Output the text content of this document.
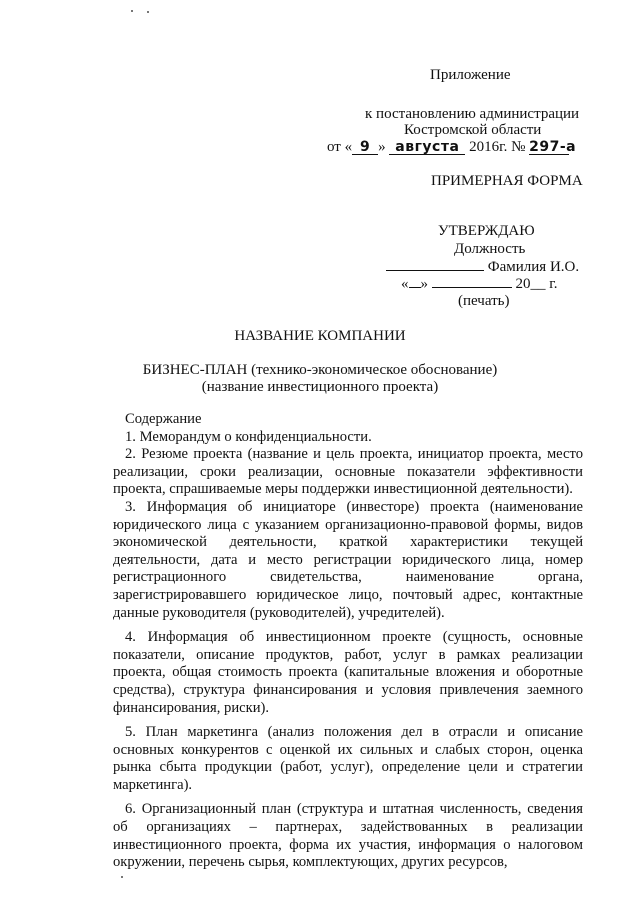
Приложение
к постановлению администрации
Костромской области
от « 9 » августа 2016г. № 297-а
ПРИМЕРНАЯ ФОРМА
УТВЕРЖДАЮ
Должность
Фамилия И.О.
« »	20__ г.
(печать)
НАЗВАНИЕ КОМПАНИИ
БИЗНЕС-ПЛАН (технико-экономическое обоснование)
(название инвестиционного проекта)

Содержание

1. Меморандум о конфиденциальности.

2. Резюме проекта (название и цель проекта, инициатор проекта, место реализации, сроки реализации, основные показатели эффективности проекта, спрашиваемые меры поддержки инвестиционной деятельности).

3. Информация об инициаторе (инвесторе) проекта (наименование юридического лица с указанием организационно-правовой формы, видов экономической деятельности, краткой характеристики текущей деятельности, дата и место регистрации юридического лица, номер регистрационного свидетельства, наименование органа, зарегистрировавшего юридическое лицо, почтовый адрес, контактные данные руководителя (руководителей), учредителей).

4. Информация об инвестиционном проекте (сущность, основные показатели, описание продуктов, работ, услуг в рамках реализации проекта, общая стоимость проекта (капитальные вложения и оборотные средства), структура финансирования и условия привлечения заемного финансирования, риски).

5. План маркетинга (анализ положения дел в отрасли и описание основных конкурентов с оценкой их сильных и слабых сторон, оценка рынка сбыта продукции (работ, услуг), определение цели и стратегии маркетинга).

6. Организационный план (структура и штатная численность, сведения об организациях – партнерах, задействованных в реализации инвестиционного проекта, форма их участия, информация о налоговом окружении, перечень сырья, комплектующих, других ресурсов,
